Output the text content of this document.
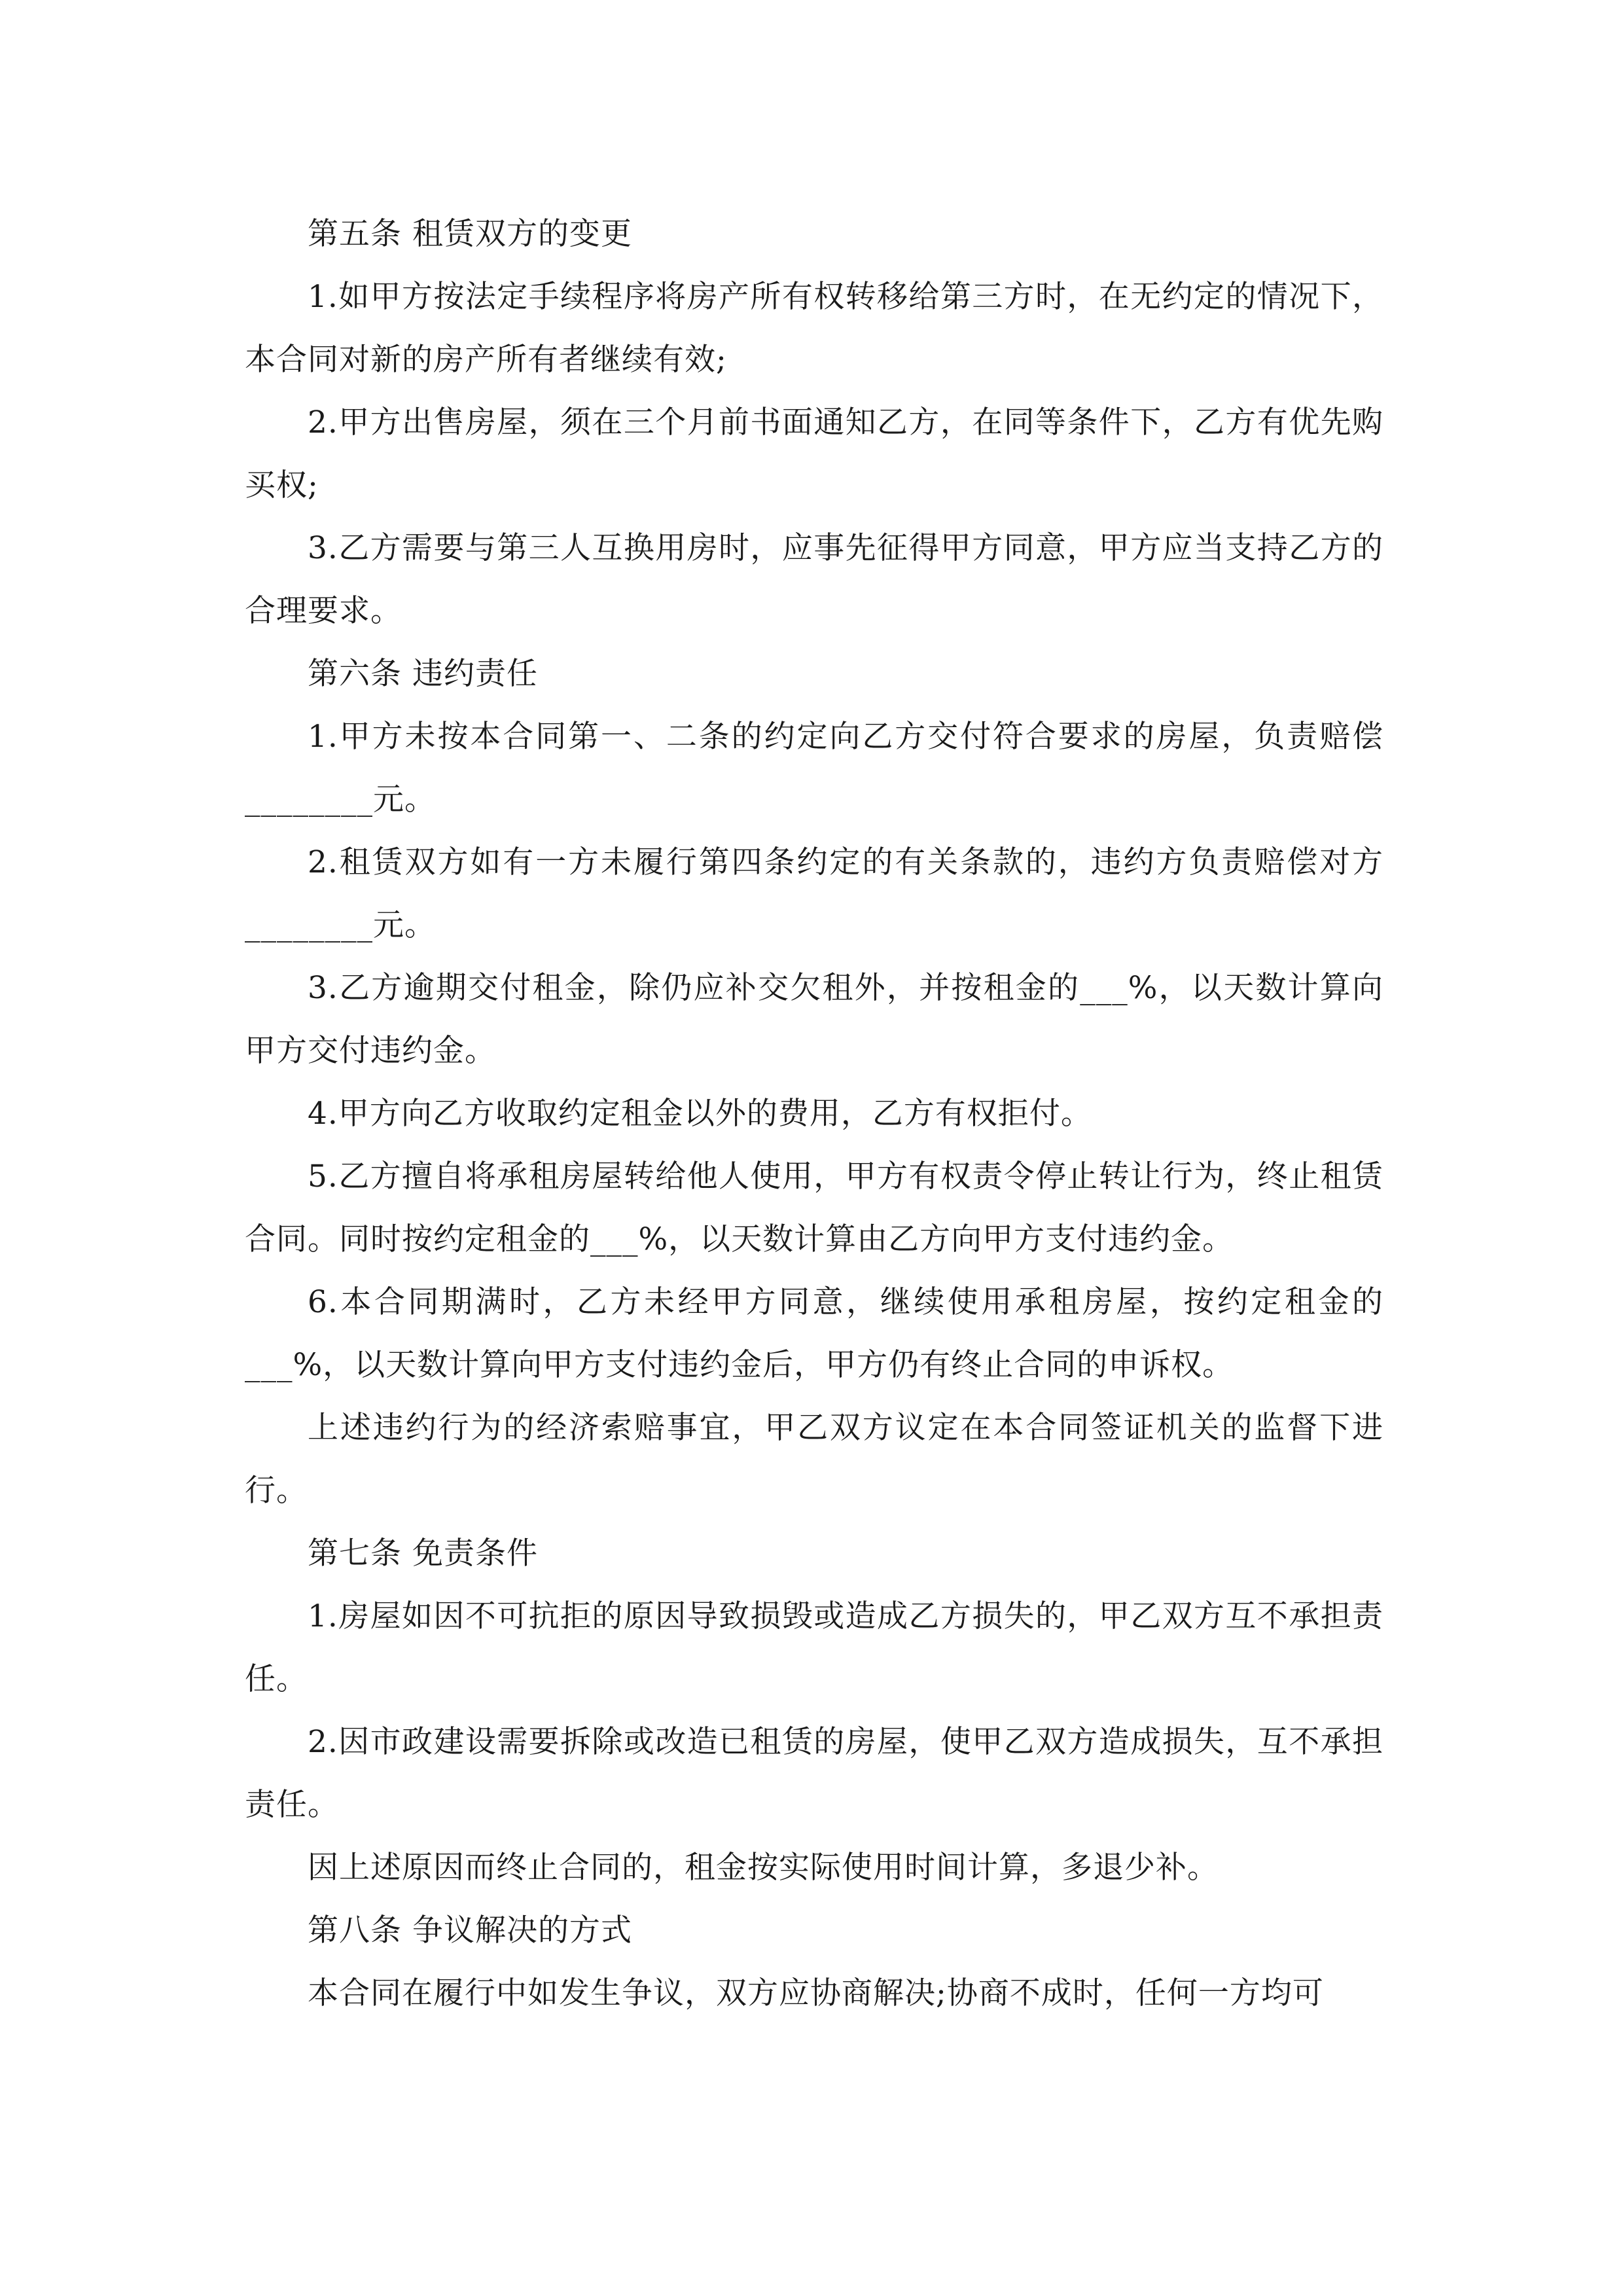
第五条 租赁双方的变更

1.如甲方按法定手续程序将房产所有权转移给第三方时，在无约定的情况下，本合同对新的房产所有者继续有效;

2.甲方出售房屋，须在三个月前书面通知乙方，在同等条件下，乙方有优先购买权;

3.乙方需要与第三人互换用房时，应事先征得甲方同意，甲方应当支持乙方的合理要求。

第六条 违约责任

1.甲方未按本合同第一、二条的约定向乙方交付符合要求的房屋，负责赔偿________元。

2.租赁双方如有一方未履行第四条约定的有关条款的，违约方负责赔偿对方________元。

3.乙方逾期交付租金，除仍应补交欠租外，并按租金的___%，以天数计算向甲方交付违约金。

4.甲方向乙方收取约定租金以外的费用，乙方有权拒付。

5.乙方擅自将承租房屋转给他人使用，甲方有权责令停止转让行为，终止租赁合同。同时按约定租金的___%，以天数计算由乙方向甲方支付违约金。

6.本合同期满时，乙方未经甲方同意，继续使用承租房屋，按约定租金的___%，以天数计算向甲方支付违约金后，甲方仍有终止合同的申诉权。

上述违约行为的经济索赔事宜，甲乙双方议定在本合同签证机关的监督下进行。

第七条 免责条件

1.房屋如因不可抗拒的原因导致损毁或造成乙方损失的，甲乙双方互不承担责任。

2.因市政建设需要拆除或改造已租赁的房屋，使甲乙双方造成损失，互不承担责任。

因上述原因而终止合同的，租金按实际使用时间计算，多退少补。

第八条 争议解决的方式

本合同在履行中如发生争议，双方应协商解决;协商不成时，任何一方均可
